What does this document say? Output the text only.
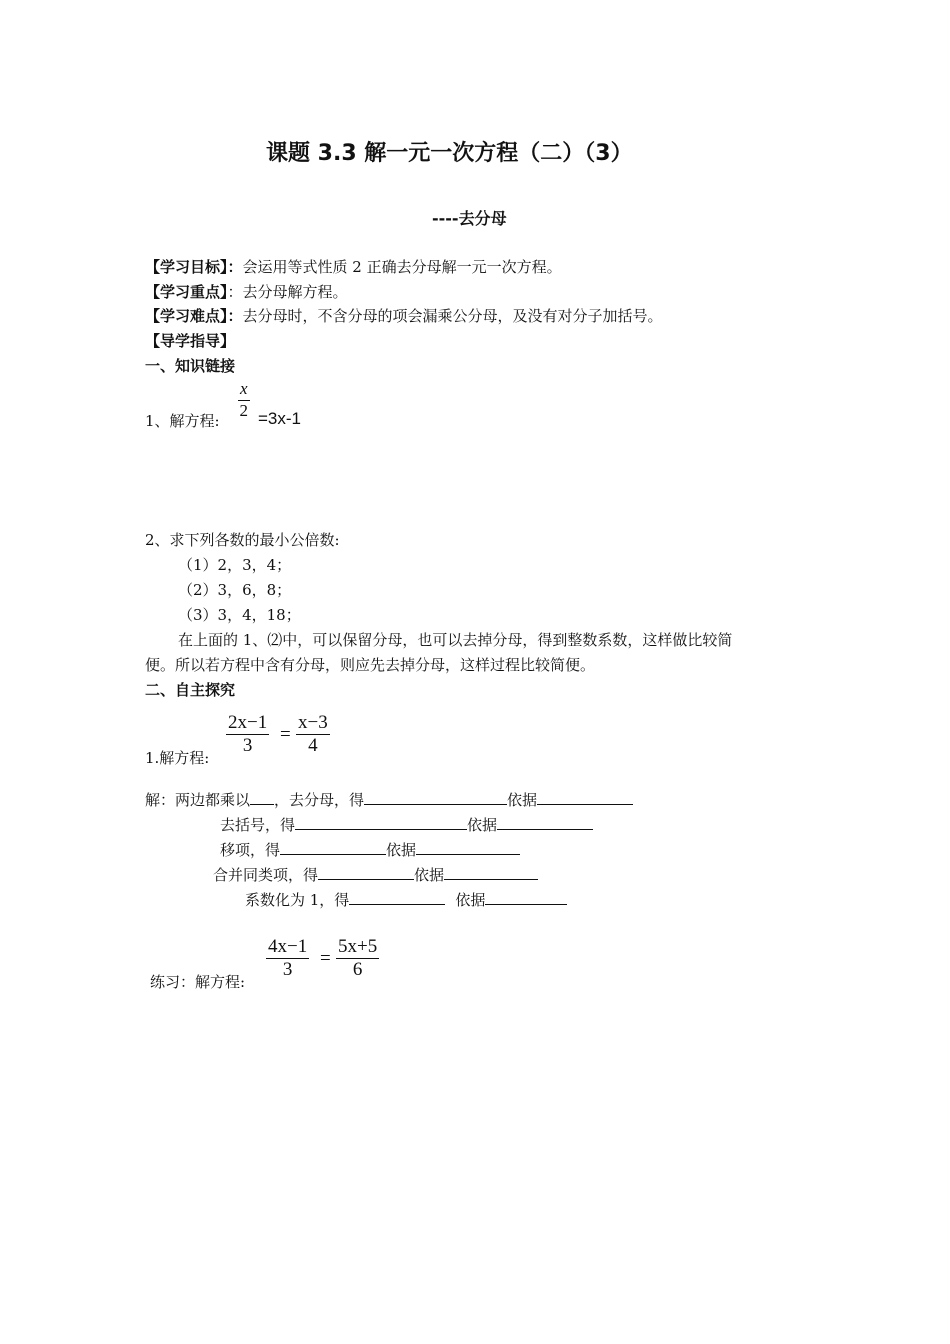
课题 3.3 解一元一次方程（二）（3）
----去分母
【学习目标】：会运用等式性质 2 正确去分母解一元一次方程。
【学习重点】：去分母解方程。
【学习难点】：去分母时，不含分母的项会漏乘公分母，及没有对分子加括号。
【导学指导】
一、知识链接
1、解方程:
x
2 =3x-1
2、求下列各数的最小公倍数:
（1）2，3，4；
（2）3，6，8；
（3）3，4，18；
在上面的 1、⑵中，可以保留分母，也可以去掉分母，得到整数系数，这样做比较简
便。所以若方程中含有分母，则应先去掉分母，这样过程比较简便。
二、自主探究
1.解方程:
2x−1
3
=
x−3
4
解：两边都乘以 ，去分母，得	依据
去括号，得	依据
移项，得	依据
合并同类项，得	依据
系数化为 1，得	依据
练习：解方程:
4x−1
3
=
5x+5
6
